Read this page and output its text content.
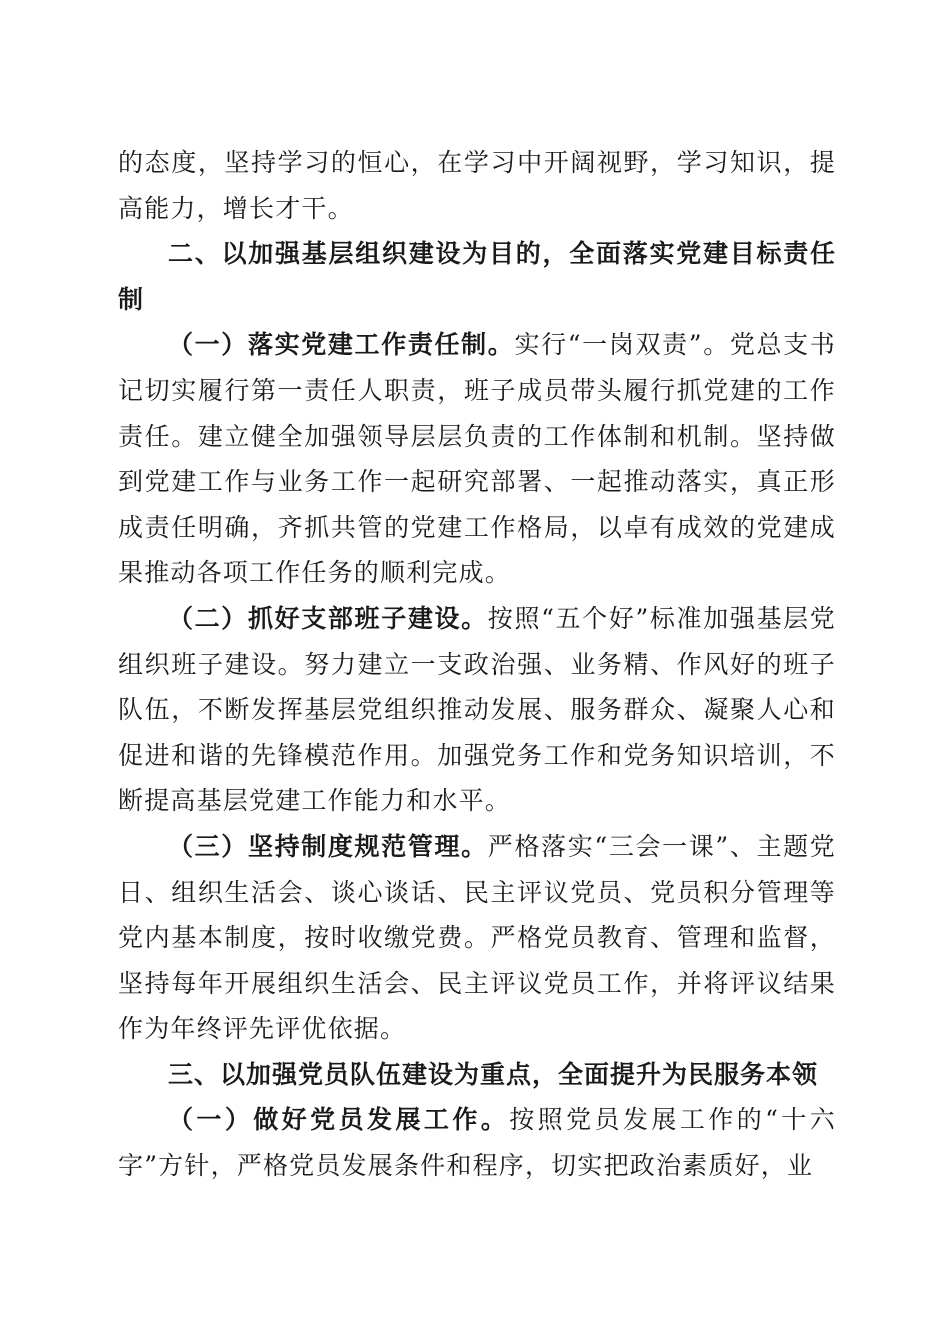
的态度，坚持学习的恒心，在学习中开阔视野，学习知识，提高能力，增长才干。

二、以加强基层组织建设为目的，全面落实党建目标责任制

（一）落实党建工作责任制。实行“一岗双责”。党总支书记切实履行第一责任人职责，班子成员带头履行抓党建的工作责任。建立健全加强领导层层负责的工作体制和机制。坚持做到党建工作与业务工作一起研究部署、一起推动落实，真正形成责任明确，齐抓共管的党建工作格局，以卓有成效的党建成果推动各项工作任务的顺利完成。

（二）抓好支部班子建设。按照“五个好”标准加强基层党组织班子建设。努力建立一支政治强、业务精、作风好的班子队伍，不断发挥基层党组织推动发展、服务群众、凝聚人心和促进和谐的先锋模范作用。加强党务工作和党务知识培训，不断提高基层党建工作能力和水平。

（三）坚持制度规范管理。严格落实“三会一课”、主题党日、组织生活会、谈心谈话、民主评议党员、党员积分管理等党内基本制度，按时收缴党费。严格党员教育、管理和监督，坚持每年开展组织生活会、民主评议党员工作，并将评议结果作为年终评先评优依据。

三、以加强党员队伍建设为重点，全面提升为民服务本领

（一）做好党员发展工作。按照党员发展工作的“十六字”方针，严格党员发展条件和程序，切实把政治素质好，业
